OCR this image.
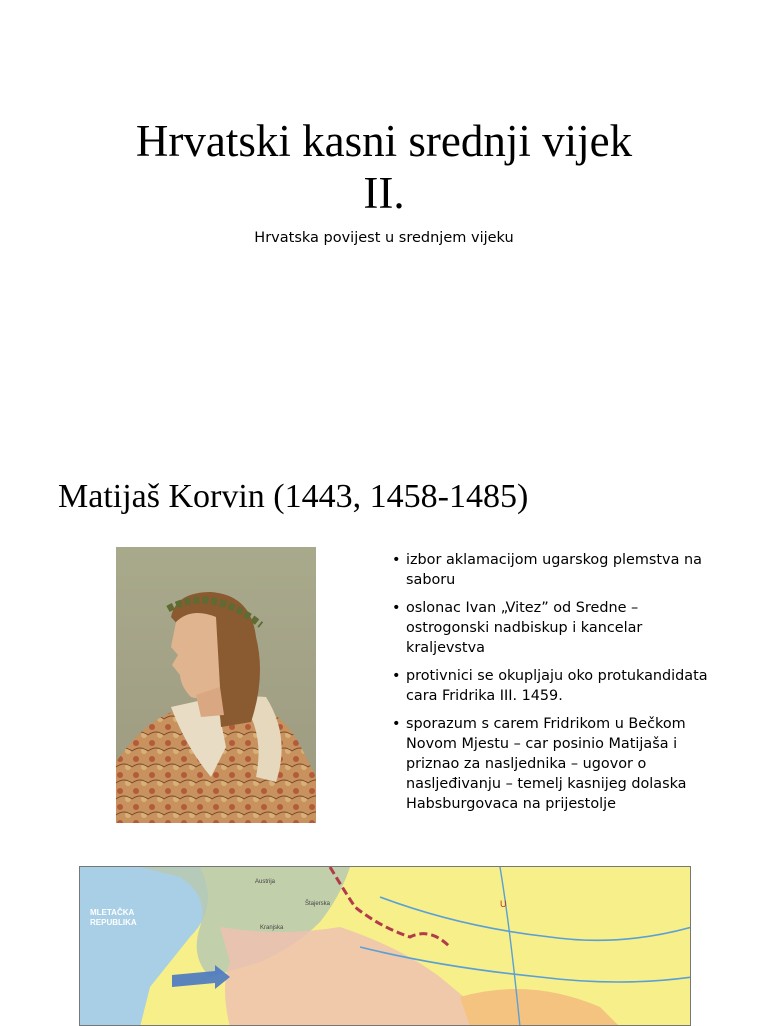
Hrvatski kasni srednji vijek
II.

Hrvatska povijest u srednjem vijeku

Matijaš Korvin (1443, 1458-1485)
• izbor aklamacijom ugarskog plemstva na saboru
• oslonac Ivan „Vitez” od Sredne – ostrogonski nadbiskup i kancelar kraljevstva
• protivnici se okupljaju oko protukandidata cara Fridrika III. 1459.
• sporazum s carem Fridrikom u Bečkom Novom Mjestu – car posinio Matijaša i priznao za nasljednika – ugovor o nasljeđivanju – temelj kasnijeg dolaska Habsburgovaca na prijestolje
MLETAČKA
REPUBLIKA
Austrija
Štajerska
Kranjska
U
